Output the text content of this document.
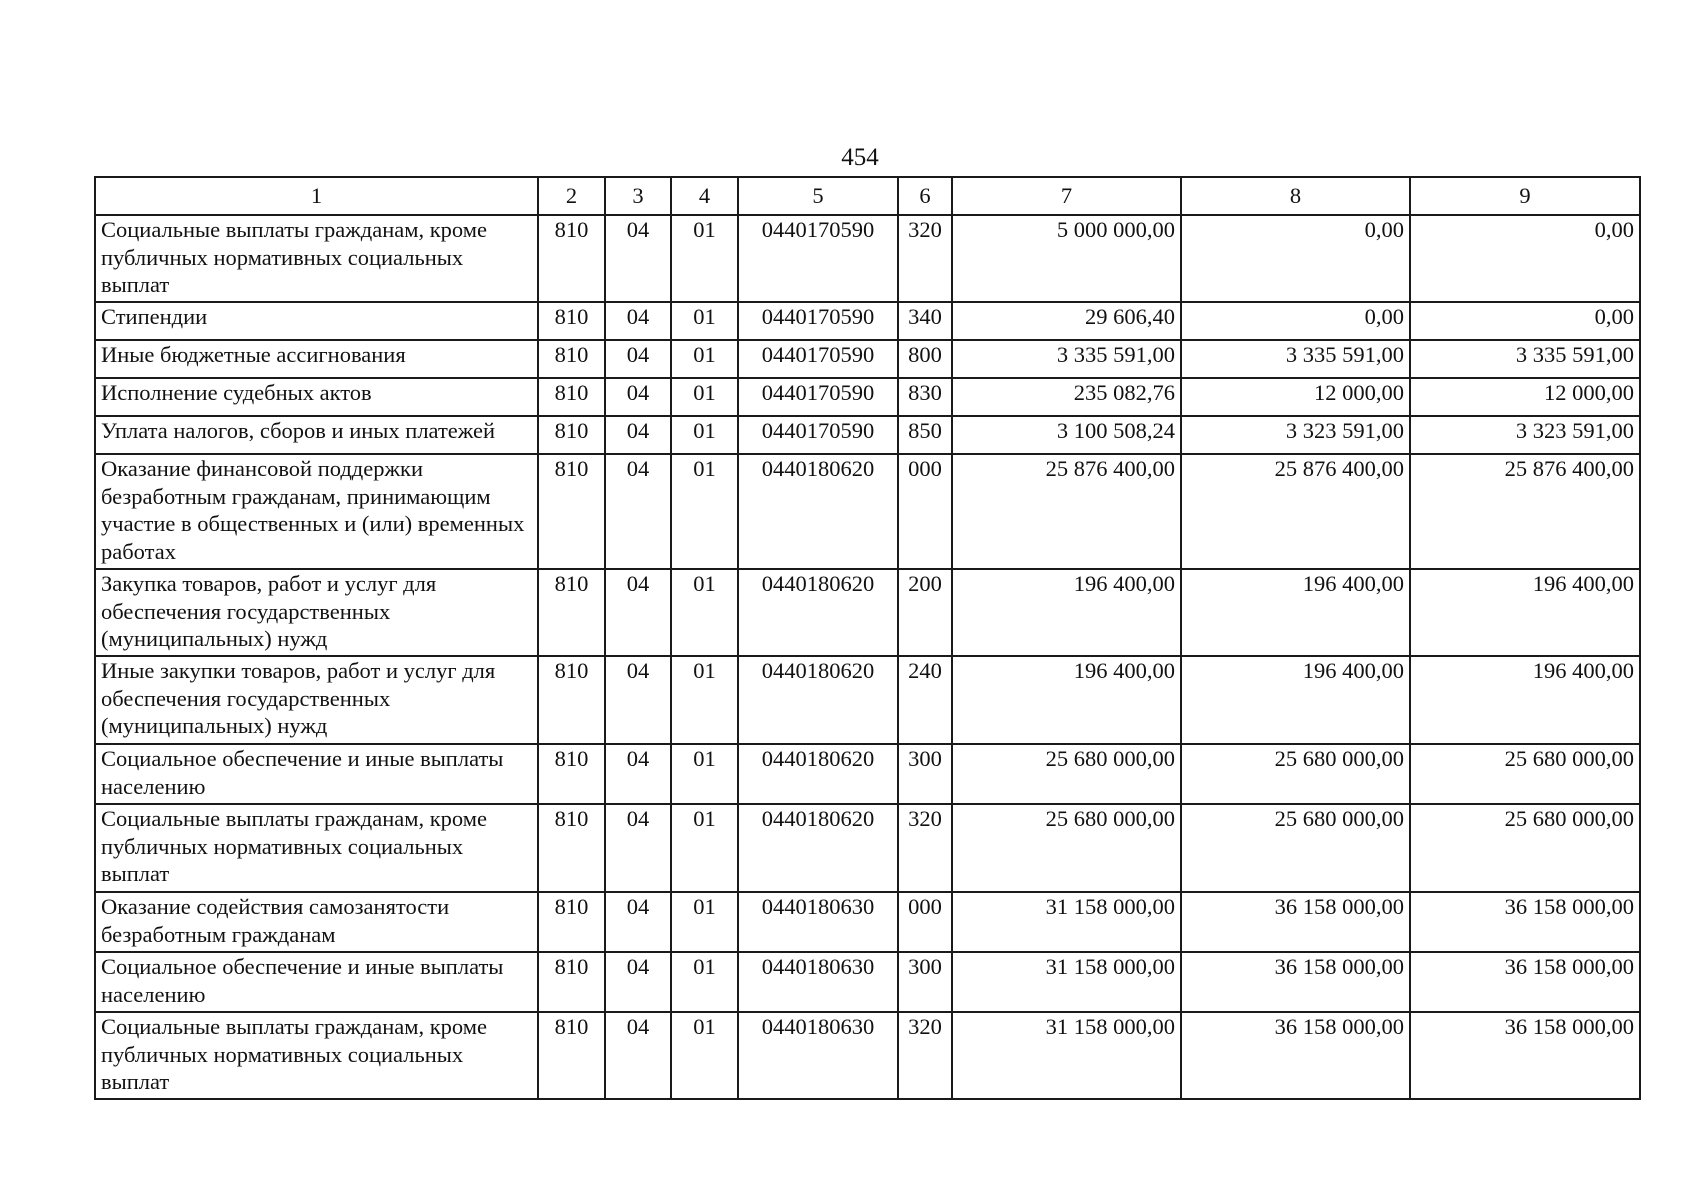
454
1	2	3	4	5	6	7	8	9
Социальные выплаты гражданам, кроме публичных нормативных социальных выплат	810	04	01	0440170590	320	5 000 000,00	0,00	0,00
Стипендии	810	04	01	0440170590	340	29 606,40	0,00	0,00
Иные бюджетные ассигнования	810	04	01	0440170590	800	3 335 591,00	3 335 591,00	3 335 591,00
Исполнение судебных актов	810	04	01	0440170590	830	235 082,76	12 000,00	12 000,00
Уплата налогов, сборов и иных платежей	810	04	01	0440170590	850	3 100 508,24	3 323 591,00	3 323 591,00
Оказание финансовой поддержки безработным гражданам, принимающим участие в общественных и (или) временных работах	810	04	01	0440180620	000	25 876 400,00	25 876 400,00	25 876 400,00
Закупка товаров, работ и услуг для обеспечения государственных (муниципальных) нужд	810	04	01	0440180620	200	196 400,00	196 400,00	196 400,00
Иные закупки товаров, работ и услуг для обеспечения государственных (муниципальных) нужд	810	04	01	0440180620	240	196 400,00	196 400,00	196 400,00
Социальное обеспечение и иные выплаты населению	810	04	01	0440180620	300	25 680 000,00	25 680 000,00	25 680 000,00
Социальные выплаты гражданам, кроме публичных нормативных социальных выплат	810	04	01	0440180620	320	25 680 000,00	25 680 000,00	25 680 000,00
Оказание содействия самозанятости безработным гражданам	810	04	01	0440180630	000	31 158 000,00	36 158 000,00	36 158 000,00
Социальное обеспечение и иные выплаты населению	810	04	01	0440180630	300	31 158 000,00	36 158 000,00	36 158 000,00
Социальные выплаты гражданам, кроме публичных нормативных социальных выплат	810	04	01	0440180630	320	31 158 000,00	36 158 000,00	36 158 000,00
